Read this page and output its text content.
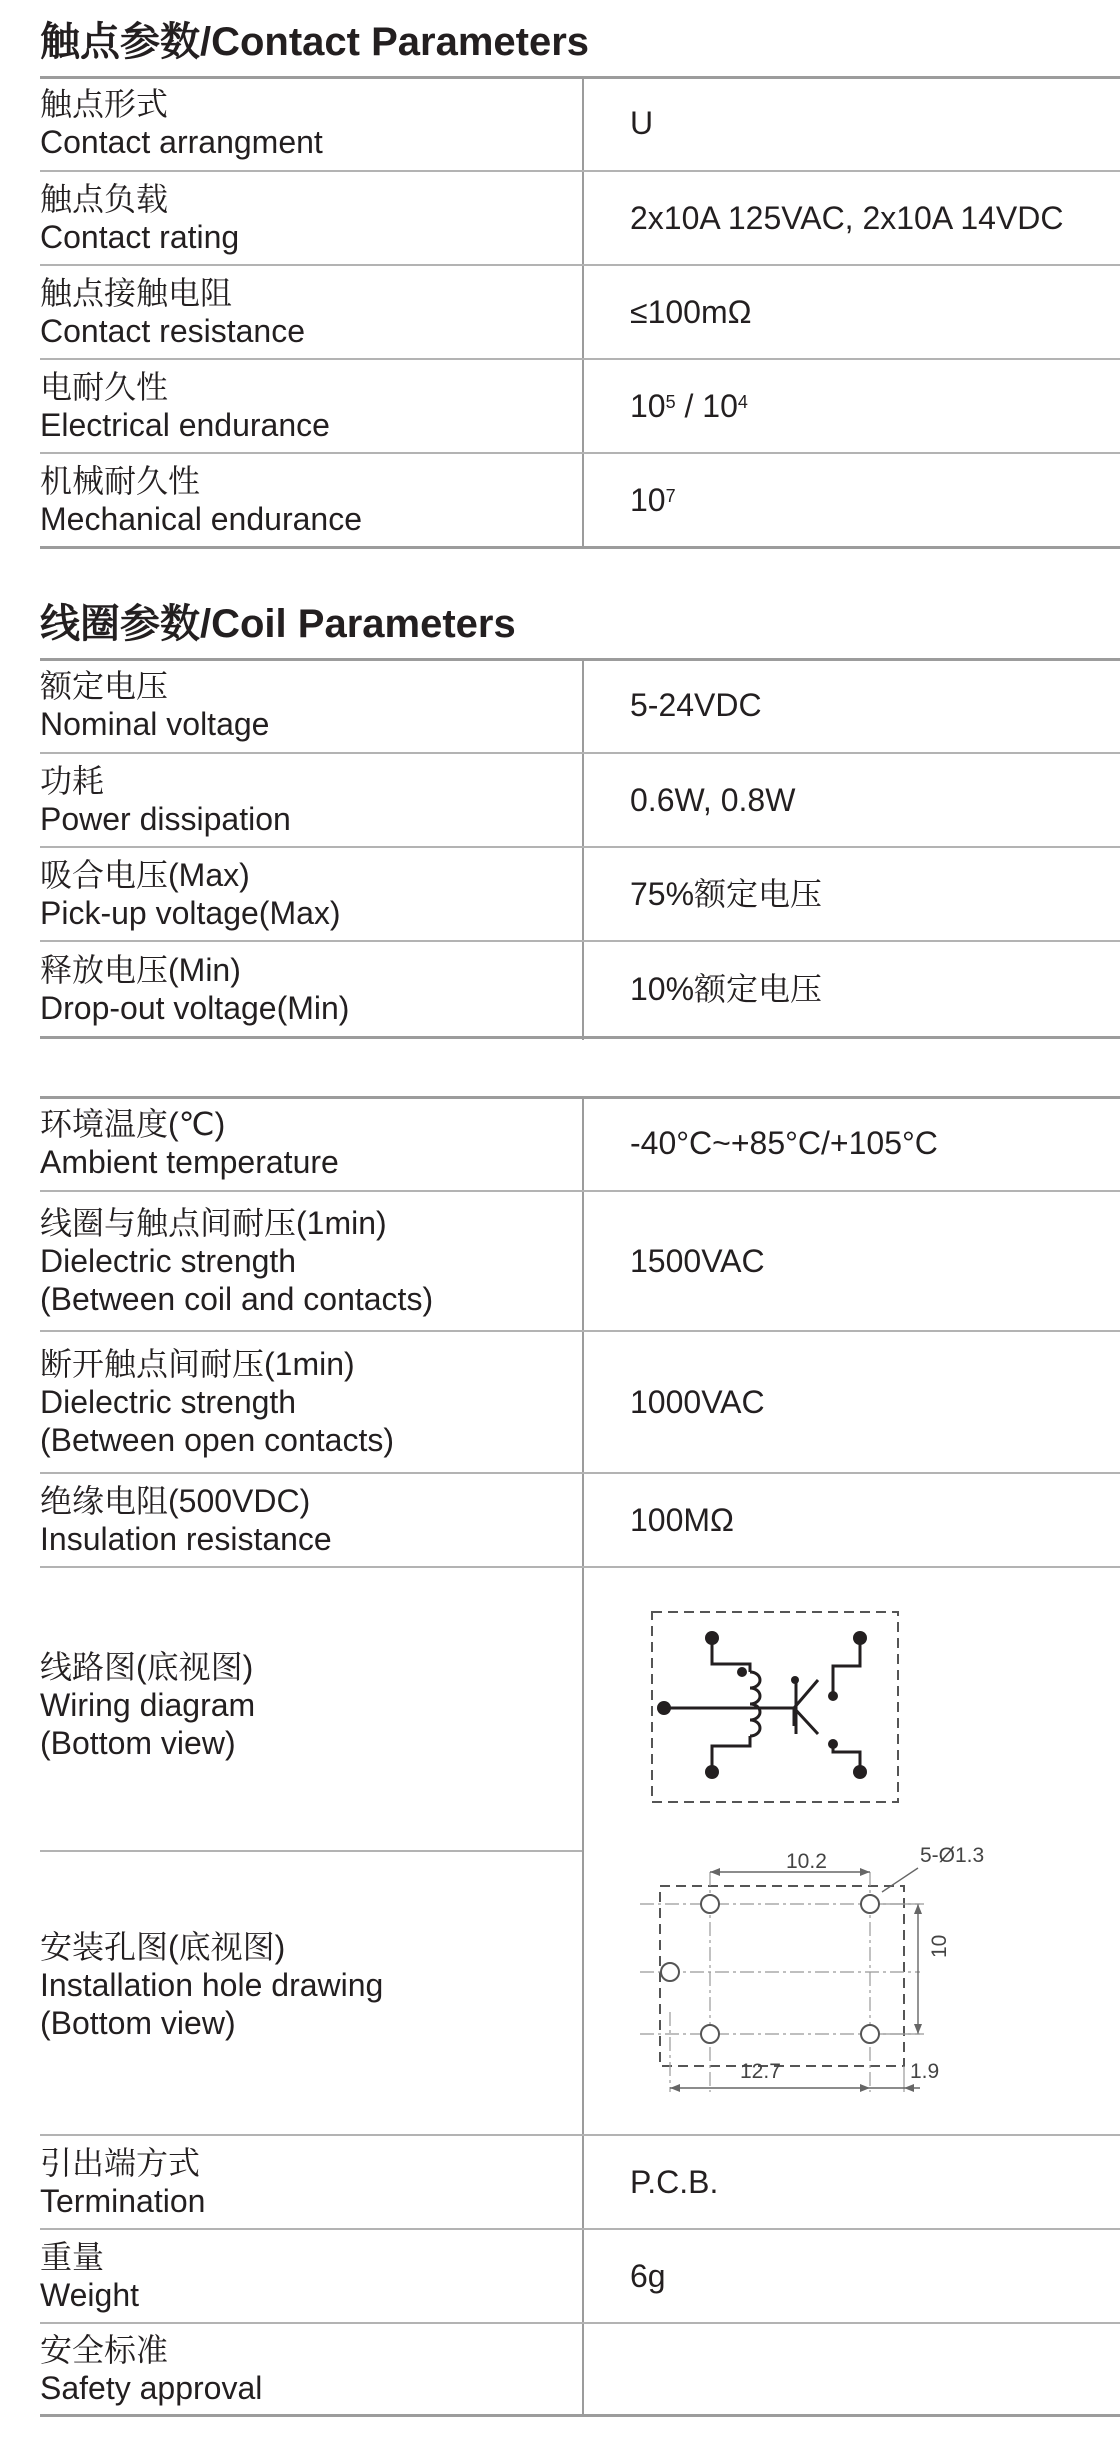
触点参数/Contact Parameters
触点形式
Contact arrangment
U
触点负载
Contact rating
2x10A 125VAC, 2x10A 14VDC
触点接触电阻
Contact resistance
≤100mΩ
电耐久性
Electrical endurance
$10^5 / 10^4$
机械耐久性
Mechanical endurance
$10^7$
线圈参数/Coil Parameters
额定电压
Nominal voltage
5-24VDC
功耗
Power dissipation
0.6W, 0.8W
吸合电压(Max)
Pick-up voltage(Max)
75%额定电压
释放电压(Min)
Drop-out voltage(Min)
10%额定电压
环境温度(℃)
Ambient temperature
-40°C~+85°C/+105°C
线圈与触点间耐压(1min)
Dielectric strength
(Between coil and contacts)
1500VAC
断开触点间耐压(1min)
Dielectric strength
(Between open contacts)
1000VAC
绝缘电阻(500VDC)
Insulation resistance
100MΩ
线路图(底视图)
Wiring diagram
(Bottom view)
安装孔图(底视图)
Installation hole drawing
(Bottom view)
10.2	5-Ø1.3
10
12.7	1.9
引出端方式
Termination
P.C.B.
重量
Weight
6g
安全标准
Safety approval
